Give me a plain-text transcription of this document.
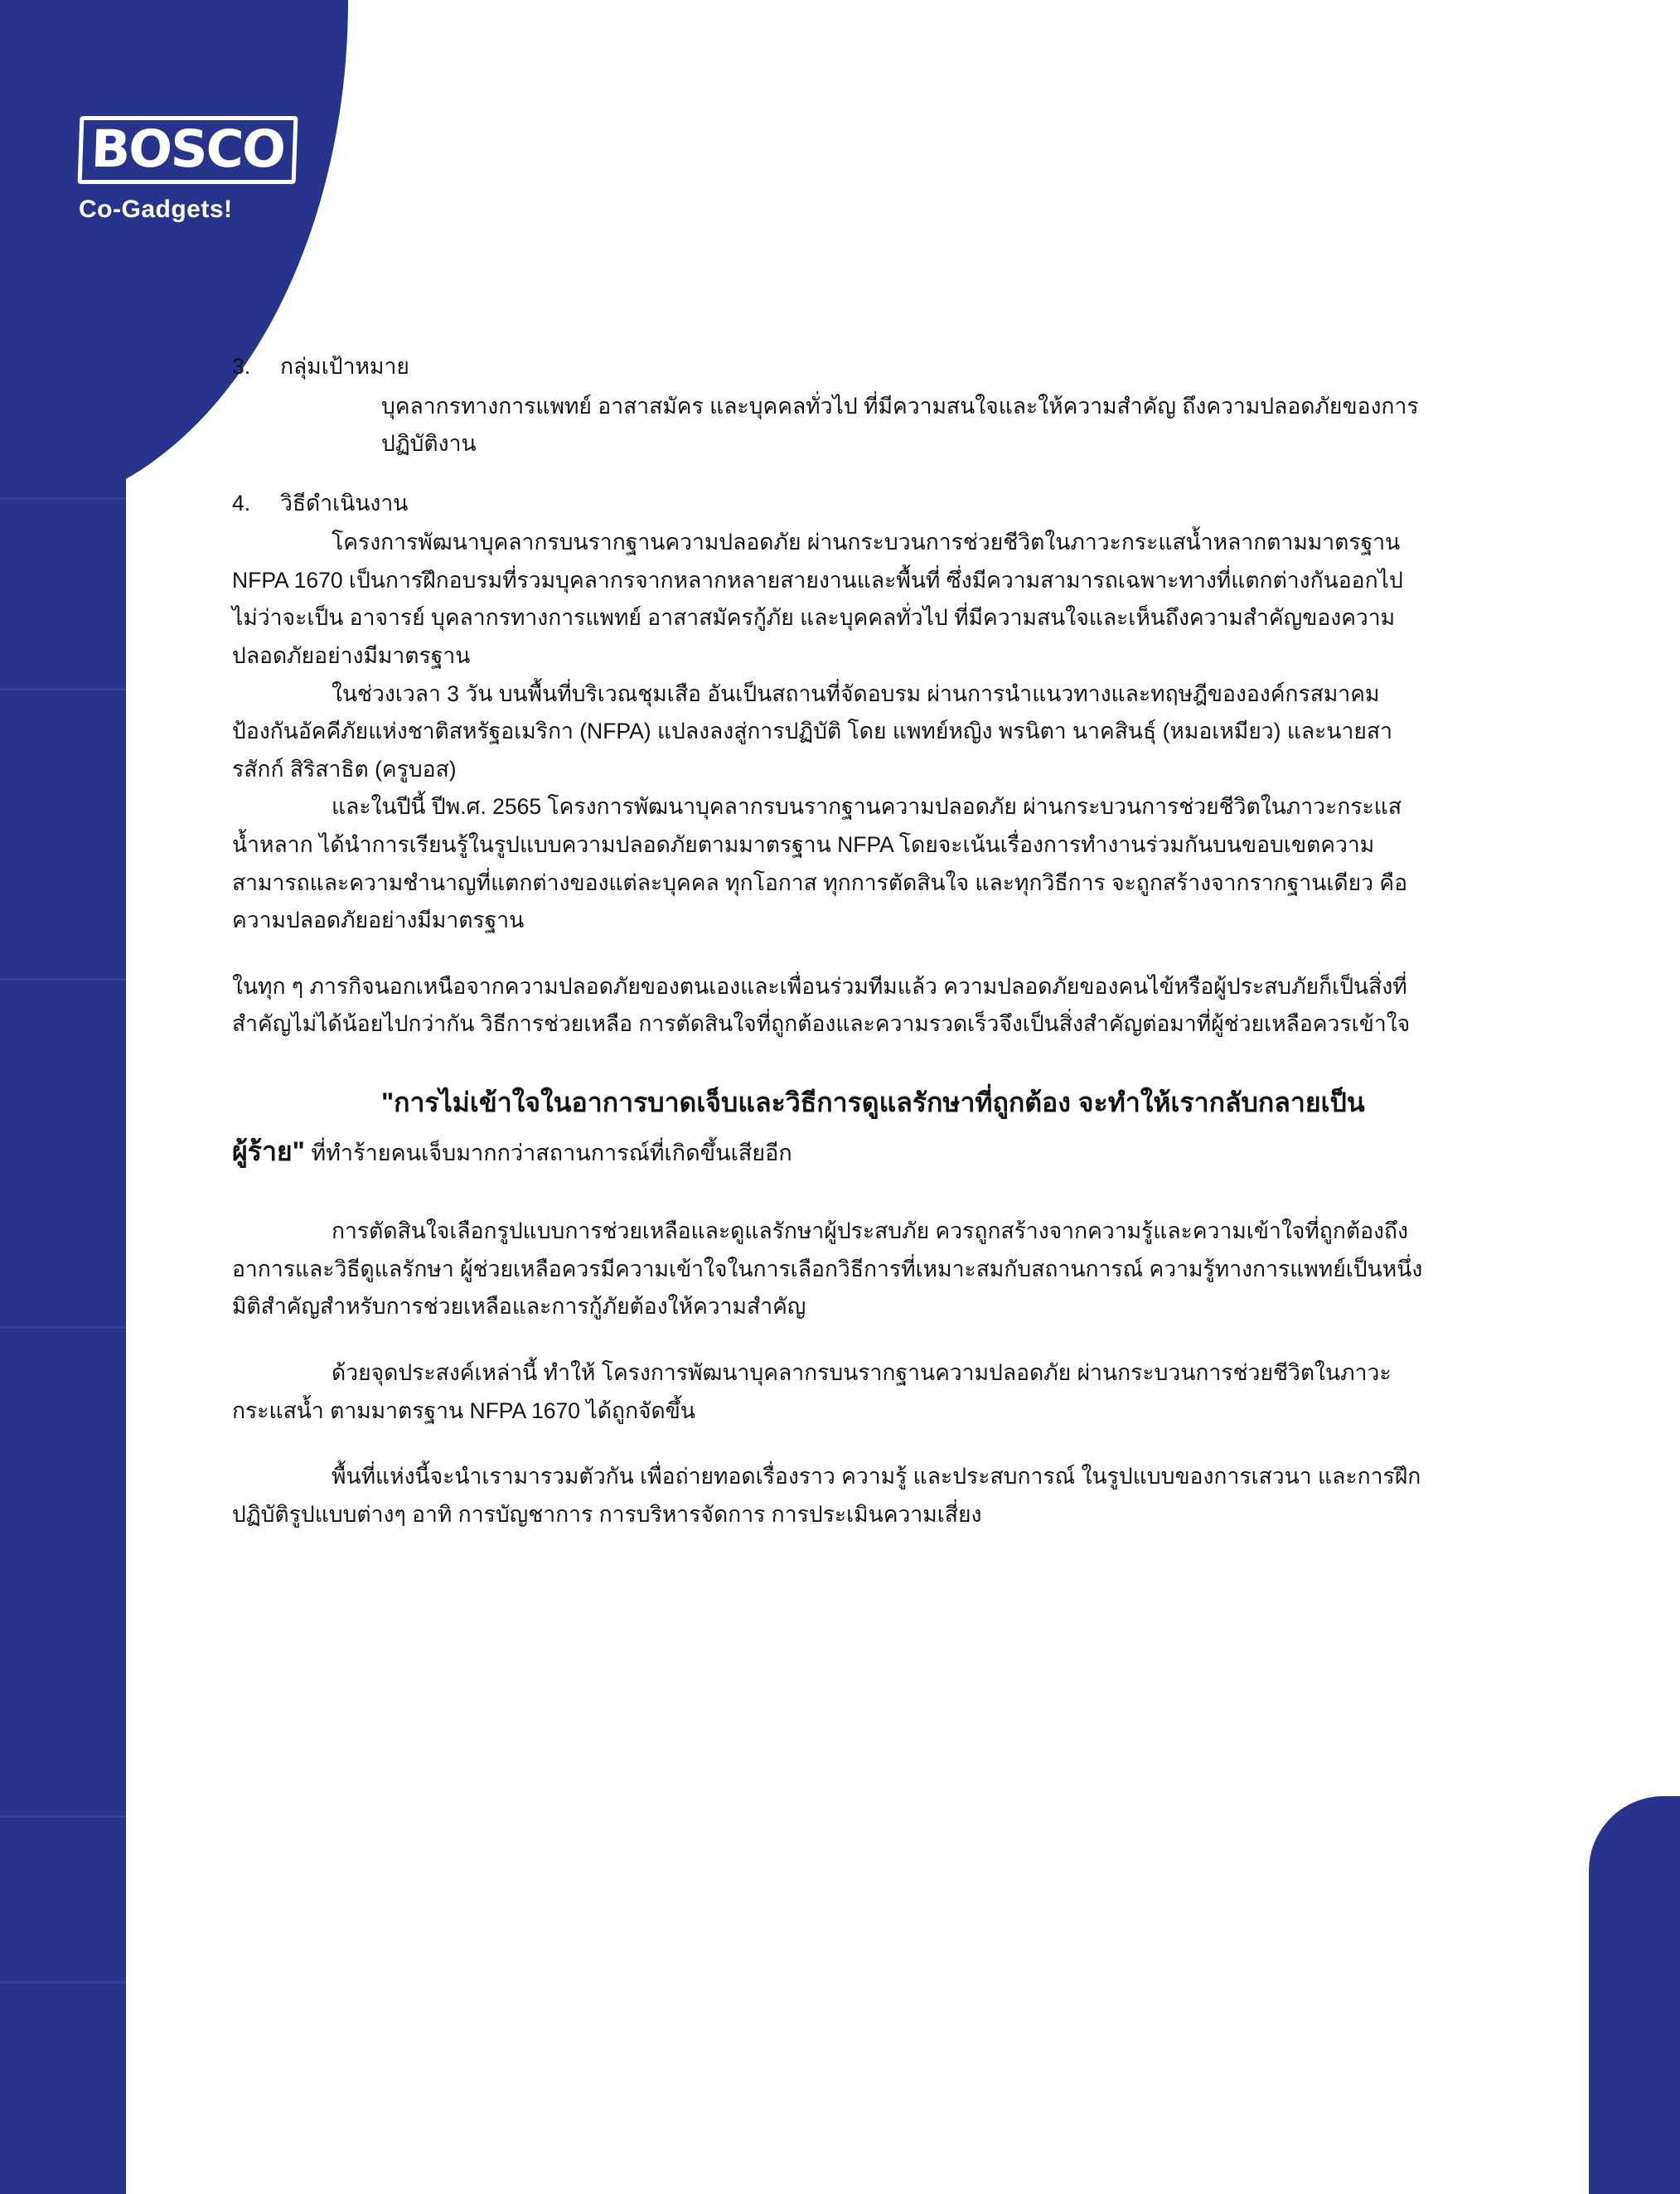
BOSCO
Co-Gadgets!
3.	กลุ่มเป้าหมาย

บุคลากรทางการแพทย์ อาสาสมัคร และบุคคลทั่วไป ที่มีความสนใจและให้ความสำคัญ ถึงความปลอดภัยของการปฏิบัติงาน

4.	วิธีดำเนินงาน

โครงการพัฒนาบุคลากรบนรากฐานความปลอดภัย ผ่านกระบวนการช่วยชีวิตในภาวะกระแสน้ำหลากตามมาตรฐาน NFPA 1670 เป็นการฝึกอบรมที่รวมบุคลากรจากหลากหลายสายงานและพื้นที่ ซึ่งมีความสามารถเฉพาะทางที่แตกต่างกันออกไป ไม่ว่าจะเป็น อาจารย์ บุคลากรทางการแพทย์ อาสาสมัครกู้ภัย และบุคคลทั่วไป ที่มีความสนใจและเห็นถึงความสำคัญของความปลอดภัยอย่างมีมาตรฐาน

ในช่วงเวลา 3 วัน บนพื้นที่บริเวณชุมเสือ อันเป็นสถานที่จัดอบรม ผ่านการนำแนวทางและทฤษฎีขององค์กรสมาคมป้องกันอัคคีภัยแห่งชาติสหรัฐอเมริกา (NFPA) แปลงลงสู่การปฏิบัติ โดย แพทย์หญิง พรนิตา นาคสินธุ์ (หมอเหมียว) และนายสารสักก์ สิริสาธิต (ครูบอส)

และในปีนี้ ปีพ.ศ. 2565 โครงการพัฒนาบุคลากรบนรากฐานความปลอดภัย ผ่านกระบวนการช่วยชีวิตในภาวะกระแสน้ำหลาก ได้นำการเรียนรู้ในรูปแบบความปลอดภัยตามมาตรฐาน NFPA โดยจะเน้นเรื่องการทำงานร่วมกันบนขอบเขตความสามารถและความชำนาญที่แตกต่างของแต่ละบุคคล ทุกโอกาส ทุกการตัดสินใจ และทุกวิธีการ จะถูกสร้างจากรากฐานเดียว คือ ความปลอดภัยอย่างมีมาตรฐาน

ในทุก ๆ ภารกิจนอกเหนือจากความปลอดภัยของตนเองและเพื่อนร่วมทีมแล้ว ความปลอดภัยของคนไข้หรือผู้ประสบภัยก็เป็นสิ่งที่สำคัญไม่ได้น้อยไปกว่ากัน วิธีการช่วยเหลือ การตัดสินใจที่ถูกต้องและความรวดเร็วจึงเป็นสิ่งสำคัญต่อมาที่ผู้ช่วยเหลือควรเข้าใจ

"การไม่เข้าใจในอาการบาดเจ็บและวิธีการดูแลรักษาที่ถูกต้อง จะทำให้เรากลับกลายเป็นผู้ร้าย" ที่ทำร้ายคนเจ็บมากกว่าสถานการณ์ที่เกิดขึ้นเสียอีก

การตัดสินใจเลือกรูปแบบการช่วยเหลือและดูแลรักษาผู้ประสบภัย ควรถูกสร้างจากความรู้และความเข้าใจที่ถูกต้องถึงอาการและวิธีดูแลรักษา ผู้ช่วยเหลือควรมีความเข้าใจในการเลือกวิธีการที่เหมาะสมกับสถานการณ์ ความรู้ทางการแพทย์เป็นหนึ่งมิติสำคัญสำหรับการช่วยเหลือและการกู้ภัยต้องให้ความสำคัญ

ด้วยจุดประสงค์เหล่านี้ ทำให้ โครงการพัฒนาบุคลากรบนรากฐานความปลอดภัย ผ่านกระบวนการช่วยชีวิตในภาวะกระแสน้ำ ตามมาตรฐาน NFPA 1670 ได้ถูกจัดขึ้น

พื้นที่แห่งนี้จะนำเรามารวมตัวกัน เพื่อถ่ายทอดเรื่องราว ความรู้ และประสบการณ์ ในรูปแบบของการเสวนา และการฝึกปฏิบัติรูปแบบต่างๆ อาทิ การบัญชาการ การบริหารจัดการ การประเมินความเสี่ยง
